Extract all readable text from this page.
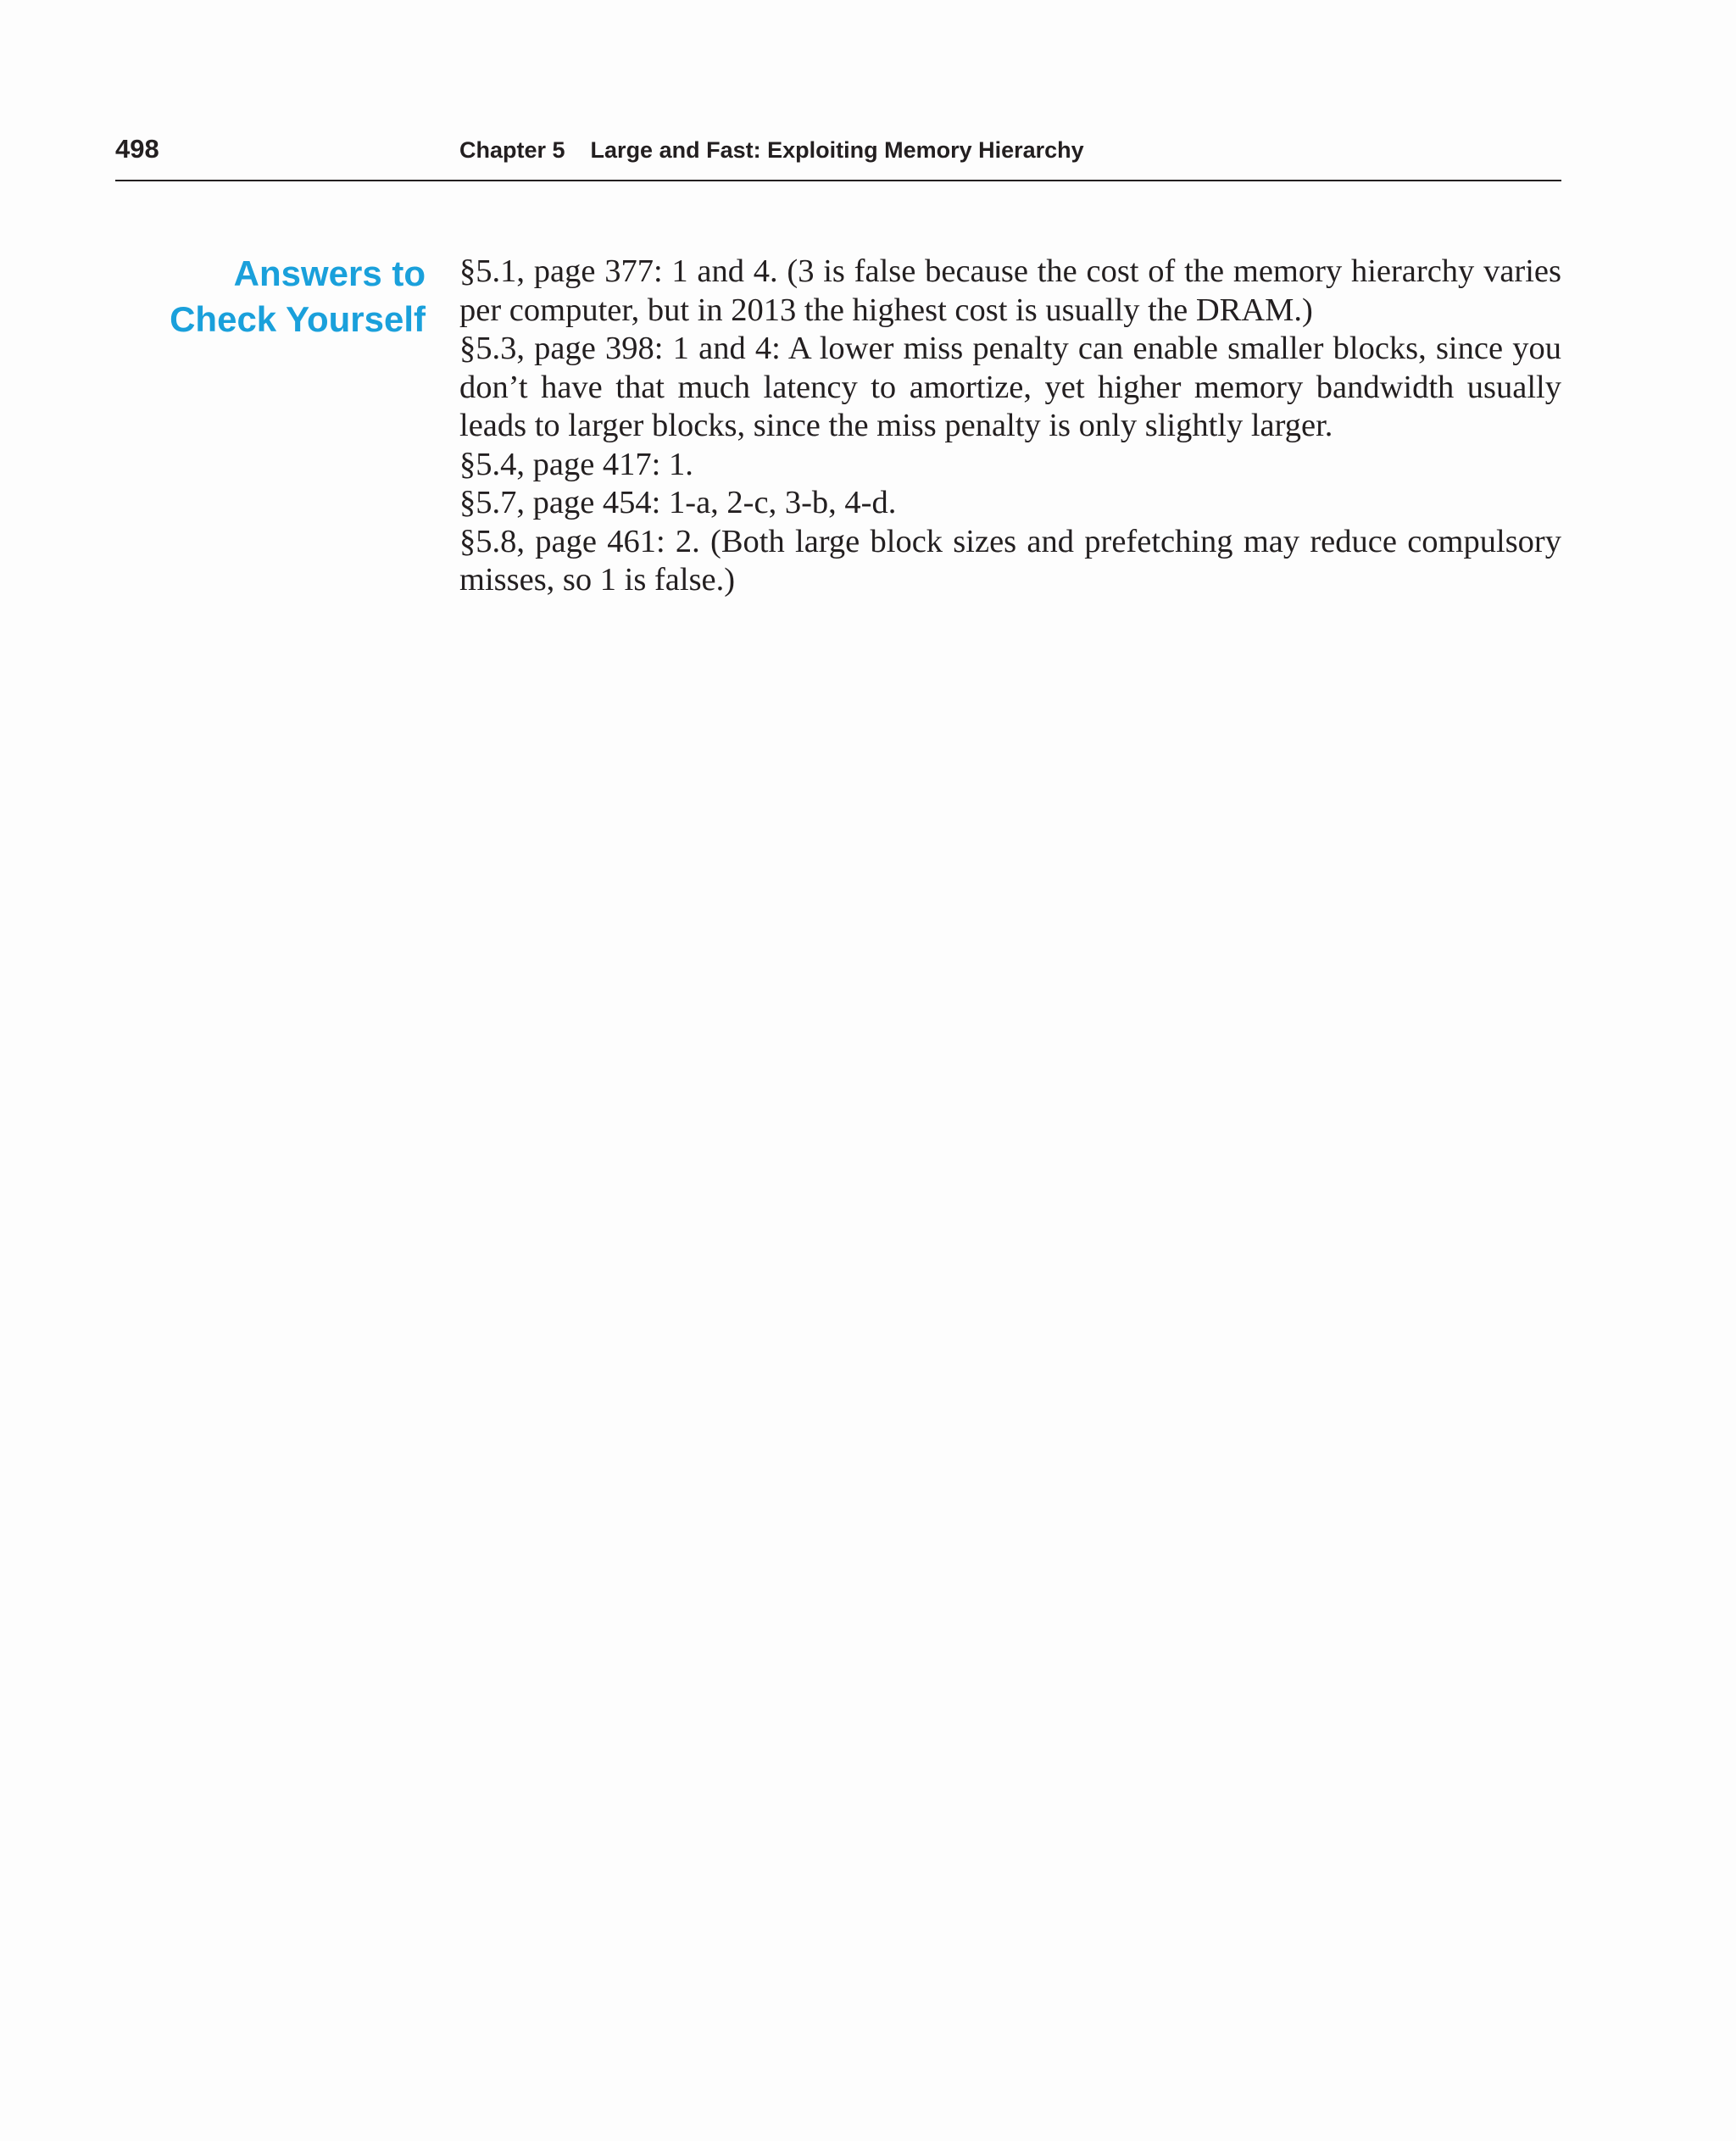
498	Chapter 5 Large and Fast: Exploiting Memory Hierarchy
Answers to
Check Yourself

§5.1, page 377: 1 and 4. (3 is false because the cost of the memory hierarchy varies per computer, but in 2013 the highest cost is usually the DRAM.)

§5.3, page 398: 1 and 4: A lower miss penalty can enable smaller blocks, since you don’t have that much latency to amortize, yet higher memory bandwidth usually leads to larger blocks, since the miss penalty is only slightly larger.

§5.4, page 417: 1.

§5.7, page 454: 1-a, 2-c, 3-b, 4-d.

§5.8, page 461: 2. (Both large block sizes and prefetching may reduce compulsory misses, so 1 is false.)
